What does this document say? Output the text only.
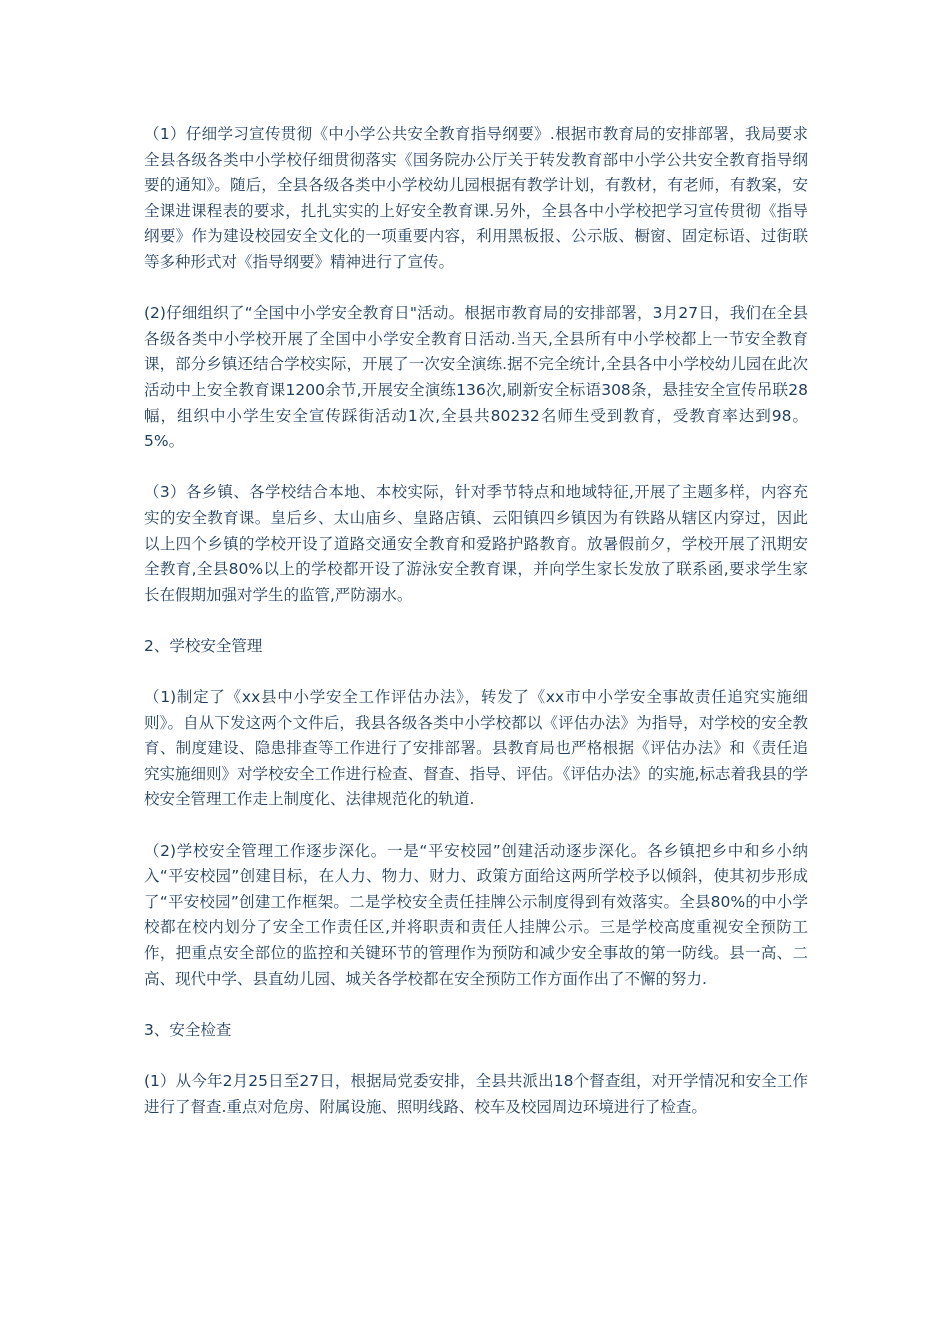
（1）仔细学习宣传贯彻《中小学公共安全教育指导纲要》.根据市教育局的安排部署，我局要求全县各级各类中小学校仔细贯彻落实《国务院办公厅关于转发教育部中小学公共安全教育指导纲要的通知》。随后，全县各级各类中小学校幼儿园根据有教学计划，有教材，有老师，有教案，安全课进课程表的要求，扎扎实实的上好安全教育课.另外，全县各中小学校把学习宣传贯彻《指导纲要》作为建设校园安全文化的一项重要内容，利用黑板报、公示版、橱窗、固定标语、过街联等多种形式对《指导纲要》精神进行了宣传。

(2)仔细组织了“全国中小学安全教育日"活动。根据市教育局的安排部署，3月27日，我们在全县各级各类中小学校开展了全国中小学安全教育日活动.当天,全县所有中小学校都上一节安全教育课，部分乡镇还结合学校实际，开展了一次安全演练.据不完全统计,全县各中小学校幼儿园在此次活动中上安全教育课1200余节,开展安全演练136次,刷新安全标语308条，悬挂安全宣传吊联28幅，组织中小学生安全宣传踩街活动1次,全县共80232名师生受到教育，受教育率达到98。5%。

（3）各乡镇、各学校结合本地、本校实际，针对季节特点和地域特征,开展了主题多样，内容充实的安全教育课。皇后乡、太山庙乡、皇路店镇、云阳镇四乡镇因为有铁路从辖区内穿过，因此以上四个乡镇的学校开设了道路交通安全教育和爱路护路教育。放暑假前夕，学校开展了汛期安全教育,全县80%以上的学校都开设了游泳安全教育课，并向学生家长发放了联系函,要求学生家长在假期加强对学生的监管,严防溺水。

2、学校安全管理

（1)制定了《xx县中小学安全工作评估办法》，转发了《xx市中小学安全事故责任追究实施细则》。自从下发这两个文件后，我县各级各类中小学校都以《评估办法》为指导，对学校的安全教育、制度建设、隐患排查等工作进行了安排部署。县教育局也严格根据《评估办法》和《责任追究实施细则》对学校安全工作进行检查、督查、指导、评估。《评估办法》的实施,标志着我县的学校安全管理工作走上制度化、法律规范化的轨道.

（2)学校安全管理工作逐步深化。一是“平安校园”创建活动逐步深化。各乡镇把乡中和乡小纳入“平安校园”创建目标，在人力、物力、财力、政策方面给这两所学校予以倾斜，使其初步形成了“平安校园”创建工作框架。二是学校安全责任挂牌公示制度得到有效落实。全县80%的中小学校都在校内划分了安全工作责任区,并将职责和责任人挂牌公示。三是学校高度重视安全预防工作，把重点安全部位的监控和关键环节的管理作为预防和减少安全事故的第一防线。县一高、二高、现代中学、县直幼儿园、城关各学校都在安全预防工作方面作出了不懈的努力.

3、安全检查

(1）从今年2月25日至27日，根据局党委安排，全县共派出18个督查组，对开学情况和安全工作进行了督查.重点对危房、附属设施、照明线路、校车及校园周边环境进行了检查。
